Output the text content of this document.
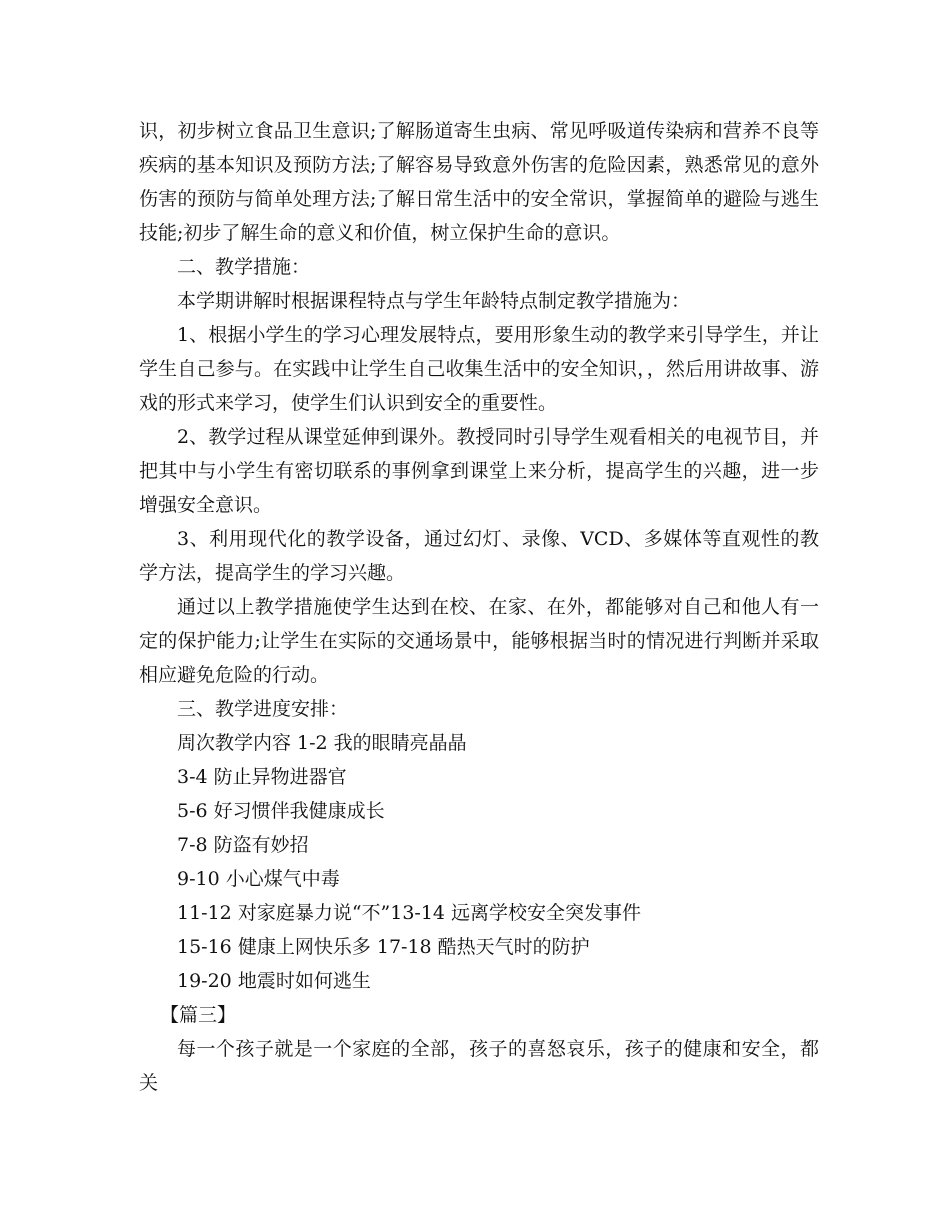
识，初步树立食品卫生意识;了解肠道寄生虫病、常见呼吸道传染病和营养不良等疾病的基本知识及预防方法;了解容易导致意外伤害的危险因素，熟悉常见的意外伤害的预防与简单处理方法;了解日常生活中的安全常识，掌握简单的避险与逃生技能;初步了解生命的意义和价值，树立保护生命的意识。

二、教学措施：

本学期讲解时根据课程特点与学生年龄特点制定教学措施为：

1、根据小学生的学习心理发展特点，要用形象生动的教学来引导学生，并让学生自己参与。在实践中让学生自己收集生活中的安全知识，，然后用讲故事、游戏的形式来学习，使学生们认识到安全的重要性。

2、教学过程从课堂延伸到课外。教授同时引导学生观看相关的电视节目，并把其中与小学生有密切联系的事例拿到课堂上来分析，提高学生的兴趣，进一步增强安全意识。

3、利用现代化的教学设备，通过幻灯、录像、VCD、多媒体等直观性的教学方法，提高学生的学习兴趣。

通过以上教学措施使学生达到在校、在家、在外，都能够对自己和他人有一定的保护能力;让学生在实际的交通场景中，能够根据当时的情况进行判断并采取相应避免危险的行动。

三、教学进度安排：

周次教学内容 1-2 我的眼睛亮晶晶

3-4 防止异物进器官

5-6 好习惯伴我健康成长

7-8 防盗有妙招

9-10 小心煤气中毒

11-12 对家庭暴力说“不”13-14 远离学校安全突发事件

15-16 健康上网快乐多 17-18 酷热天气时的防护

19-20 地震时如何逃生

【篇三】

每一个孩子就是一个家庭的全部，孩子的喜怒哀乐，孩子的健康和安全，都关
